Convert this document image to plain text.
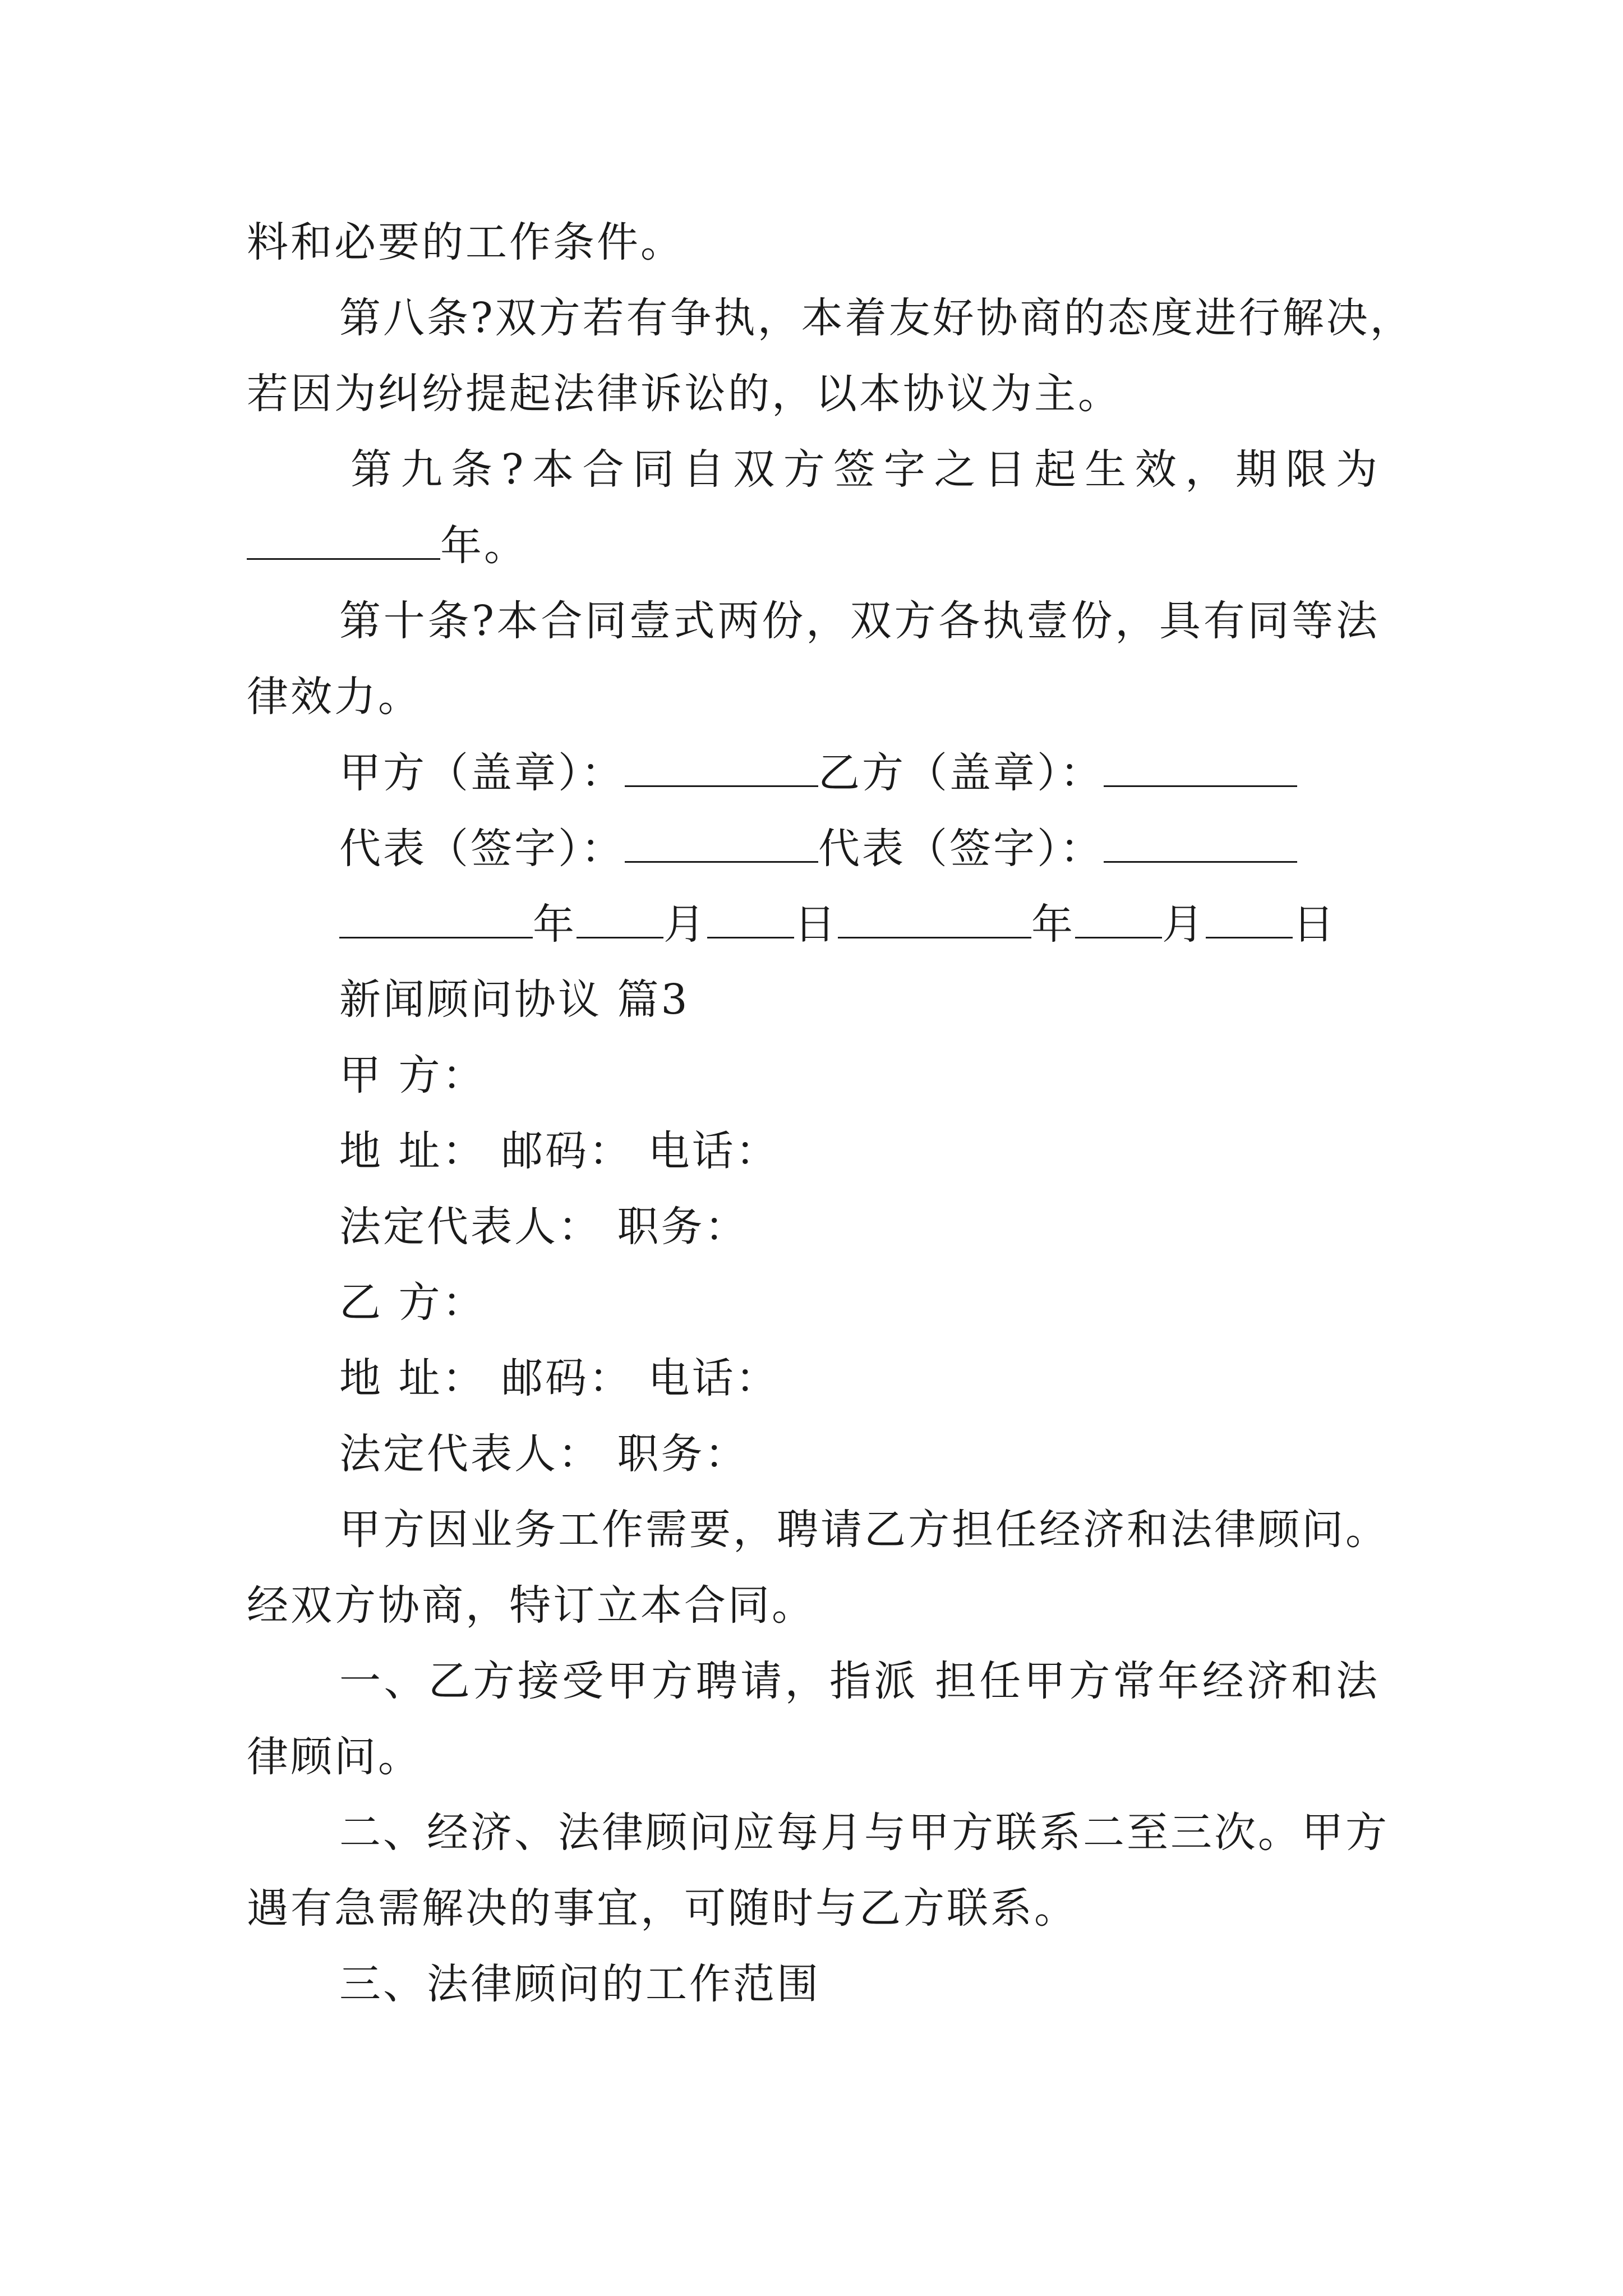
料和必要的工作条件。
第八条?双方若有争执，本着友好协商的态度进行解决，
若因为纠纷提起法律诉讼的，以本协议为主。
第九条?本合同自双方签字之日起生效，期限为
年。
第十条?本合同壹式两份，双方各执壹份，具有同等法
律效力。
甲方（盖章）：	乙方（盖章）：
代表（签字）：	代表（签字）：
年 月 日	年 月 日
新闻顾问协议 篇3
甲 方：
地 址： 邮码： 电话：
法定代表人： 职务：
乙 方：
地 址： 邮码： 电话：
法定代表人： 职务：
甲方因业务工作需要，聘请乙方担任经济和法律顾问。
经双方协商，特订立本合同。
一、乙方接受甲方聘请，指派 担任甲方常年经济和法
律顾问。
二、经济、法律顾问应每月与甲方联系二至三次。甲方
遇有急需解决的事宜，可随时与乙方联系。
三、法律顾问的工作范围
